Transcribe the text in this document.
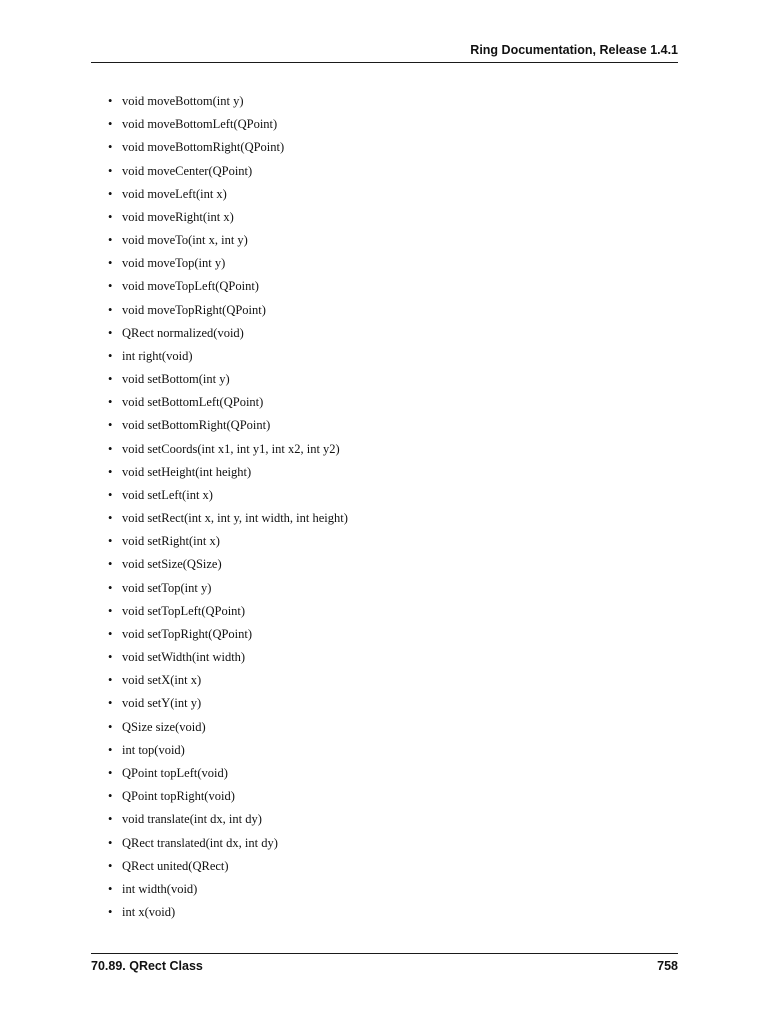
Ring Documentation, Release 1.4.1
• void moveBottom(int y)
• void moveBottomLeft(QPoint)
• void moveBottomRight(QPoint)
• void moveCenter(QPoint)
• void moveLeft(int x)
• void moveRight(int x)
• void moveTo(int x, int y)
• void moveTop(int y)
• void moveTopLeft(QPoint)
• void moveTopRight(QPoint)
• QRect normalized(void)
• int right(void)
• void setBottom(int y)
• void setBottomLeft(QPoint)
• void setBottomRight(QPoint)
• void setCoords(int x1, int y1, int x2, int y2)
• void setHeight(int height)
• void setLeft(int x)
• void setRect(int x, int y, int width, int height)
• void setRight(int x)
• void setSize(QSize)
• void setTop(int y)
• void setTopLeft(QPoint)
• void setTopRight(QPoint)
• void setWidth(int width)
• void setX(int x)
• void setY(int y)
• QSize size(void)
• int top(void)
• QPoint topLeft(void)
• QPoint topRight(void)
• void translate(int dx, int dy)
• QRect translated(int dx, int dy)
• QRect united(QRect)
• int width(void)
• int x(void)
70.89. QRect Class	758
